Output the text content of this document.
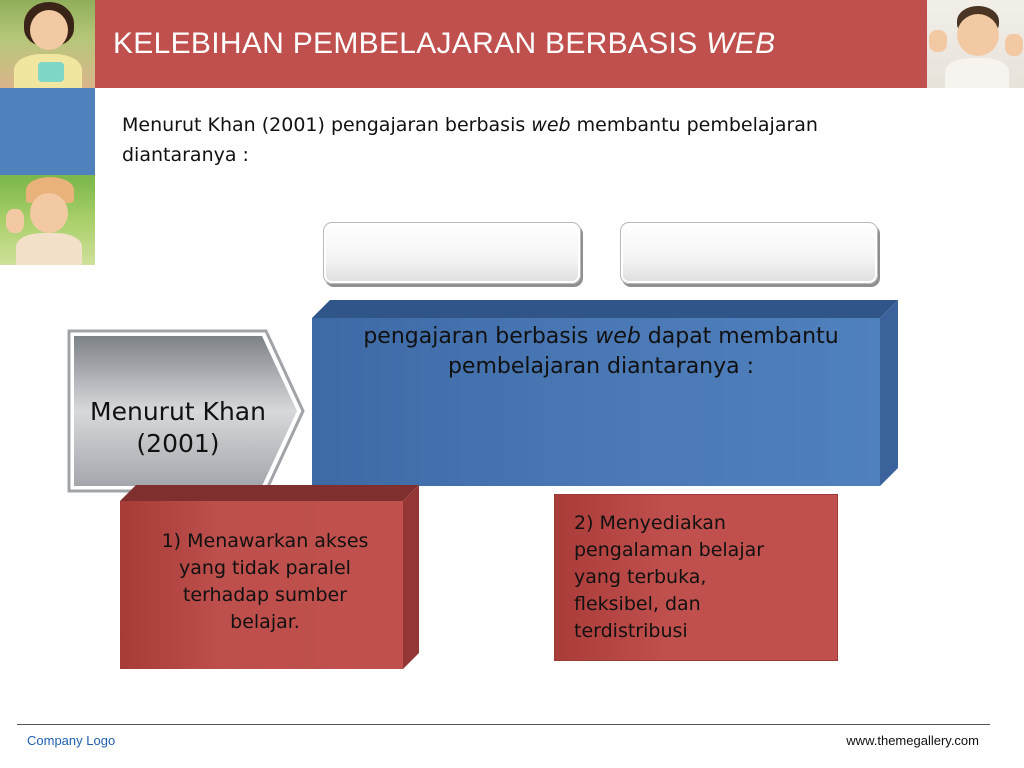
KELEBIHAN PEMBELAJARAN BERBASIS WEB
Menurut Khan (2001) pengajaran berbasis web membantu pembelajaran diantaranya :
pengajaran berbasis web dapat membantu pembelajaran diantaranya :
Menurut Khan (2001)
1) Menawarkan akses yang tidak paralel terhadap sumber belajar.
2) Menyediakan
pengalaman belajar
yang terbuka,
fleksibel, dan
terdistribusi
Company Logo	www.themegallery.com
